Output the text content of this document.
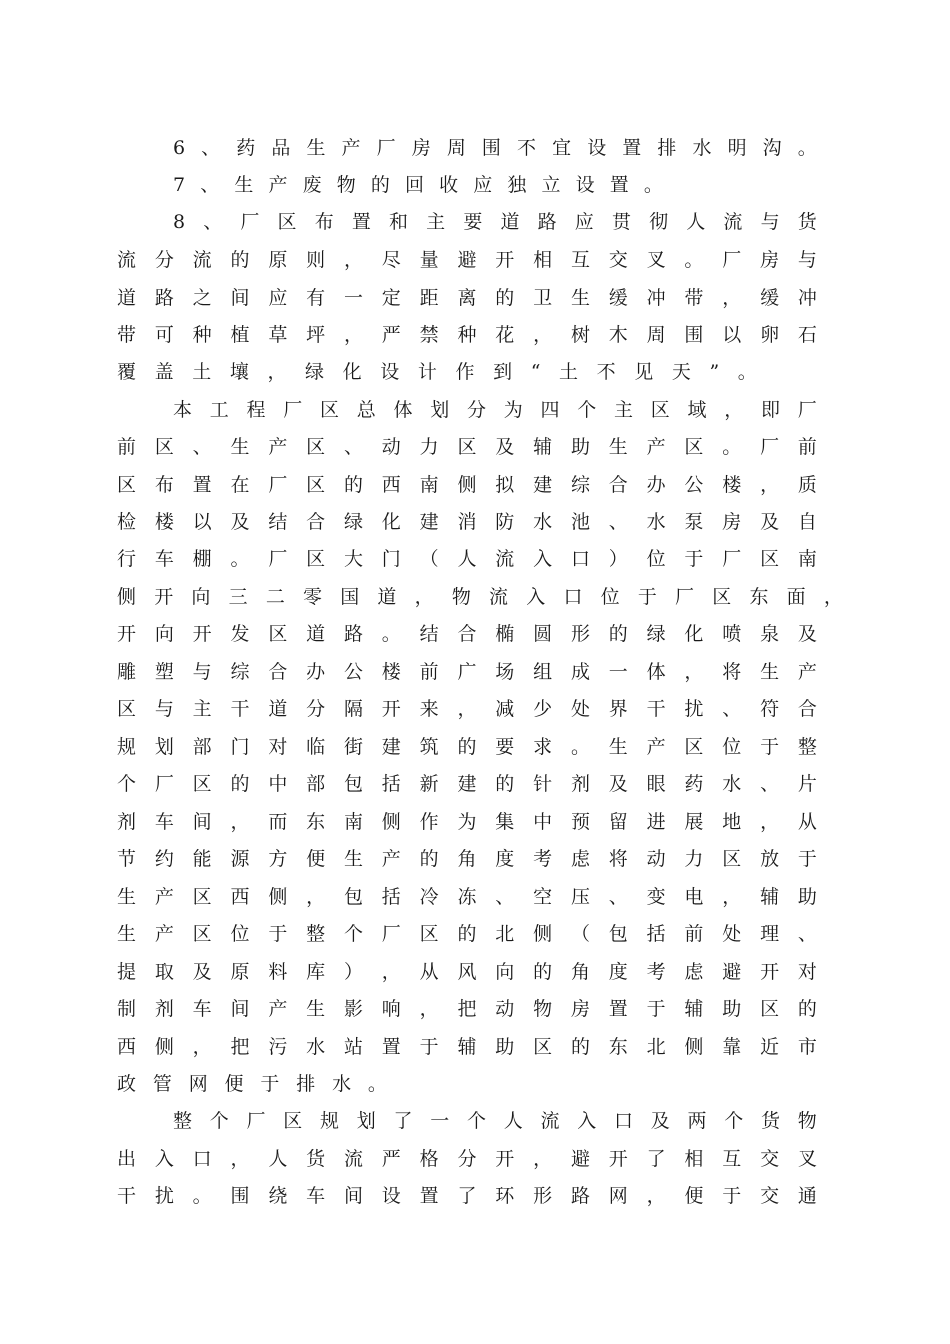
6 、 药 品 生 产 厂 房 周 围 不 宜 设 置 排 水 明 沟 。
7 、 生 产 废 物 的 回 收 应 独 立 设 置 。
8 、 厂 区 布 置 和 主 要 道 路 应 贯 彻 人 流 与 货
流 分 流 的 原 则 ， 尽 量 避 开 相 互 交 叉 。 厂 房 与
道 路 之 间 应 有 一 定 距 离 的 卫 生 缓 冲 带 ， 缓 冲
带 可 种 植 草 坪 ， 严 禁 种 花 ， 树 木 周 围 以 卵 石
覆 盖 土 壤 ， 绿 化 设 计 作 到 “ 土 不 见 天 ” 。
本 工 程 厂 区 总 体 划 分 为 四 个 主 区 域 ， 即 厂
前 区 、 生 产 区 、 动 力 区 及 辅 助 生 产 区 。 厂 前
区 布 置 在 厂 区 的 西 南 侧 拟 建 综 合 办 公 楼 ， 质
检 楼 以 及 结 合 绿 化 建 消 防 水 池 、 水 泵 房 及 自
行 车 棚 。 厂 区 大 门 （ 人 流 入 口 ） 位 于 厂 区 南
侧 开 向 三 二 零 国 道 ， 物 流 入 口 位 于 厂 区 东 面 ，
开 向 开 发 区 道 路 。 结 合 椭 圆 形 的 绿 化 喷 泉 及
雕 塑 与 综 合 办 公 楼 前 广 场 组 成 一 体 ， 将 生 产
区 与 主 干 道 分 隔 开 来 ， 减 少 处 界 干 扰 、 符 合
规 划 部 门 对 临 街 建 筑 的 要 求 。 生 产 区 位 于 整
个 厂 区 的 中 部 包 括 新 建 的 针 剂 及 眼 药 水 、 片
剂 车 间 ， 而 东 南 侧 作 为 集 中 预 留 进 展 地 ， 从
节 约 能 源 方 便 生 产 的 角 度 考 虑 将 动 力 区 放 于
生 产 区 西 侧 ， 包 括 冷 冻 、 空 压 、 变 电 ， 辅 助
生 产 区 位 于 整 个 厂 区 的 北 侧 （ 包 括 前 处 理 、
提 取 及 原 料 库 ） ， 从 风 向 的 角 度 考 虑 避 开 对
制 剂 车 间 产 生 影 响 ， 把 动 物 房 置 于 辅 助 区 的
西 侧 ， 把 污 水 站 置 于 辅 助 区 的 东 北 侧 靠 近 市
政 管 网 便 于 排 水 。
整 个 厂 区 规 划 了 一 个 人 流 入 口 及 两 个 货 物
出 入 口 ， 人 货 流 严 格 分 开 ， 避 开 了 相 互 交 叉
干 扰 。 围 绕 车 间 设 置 了 环 形 路 网 ， 便 于 交 通
